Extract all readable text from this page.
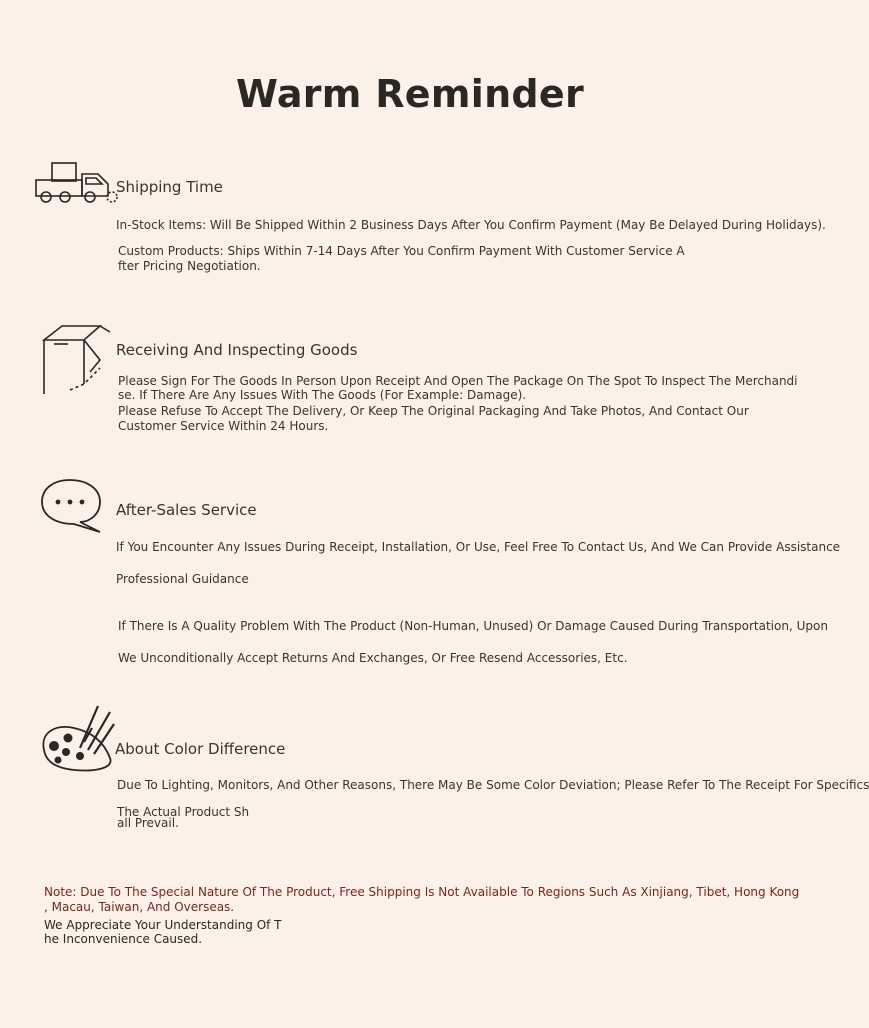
Warm Reminder
Shipping Time
In-Stock Items: Will Be Shipped Within 2 Business Days After You Confirm Payment (May Be Delayed During Holidays).
Custom Products: Ships Within 7-14 Days After You Confirm Payment With Customer Service A
fter Pricing Negotiation.
Receiving And Inspecting Goods
Please Sign For The Goods In Person Upon Receipt And Open The Package On The Spot To Inspect The Merchandi
se. If There Are Any Issues With The Goods (For Example: Damage).
Please Refuse To Accept The Delivery, Or Keep The Original Packaging And Take Photos, And Contact Our
Customer Service Within 24 Hours.
After-Sales Service
If You Encounter Any Issues During Receipt, Installation, Or Use, Feel Free To Contact Us, And We Can Provide Assistance
Professional Guidance
If There Is A Quality Problem With The Product (Non-Human, Unused) Or Damage Caused During Transportation, Upon
We Unconditionally Accept Returns And Exchanges, Or Free Resend Accessories, Etc.
About Color Difference
Due To Lighting, Monitors, And Other Reasons, There May Be Some Color Deviation; Please Refer To The Receipt For Specifics
The Actual Product Sh
all Prevail.
Note: Due To The Special Nature Of The Product, Free Shipping Is Not Available To Regions Such As Xinjiang, Tibet, Hong Kong
, Macau, Taiwan, And Overseas.
We Appreciate Your Understanding Of T
he Inconvenience Caused.
